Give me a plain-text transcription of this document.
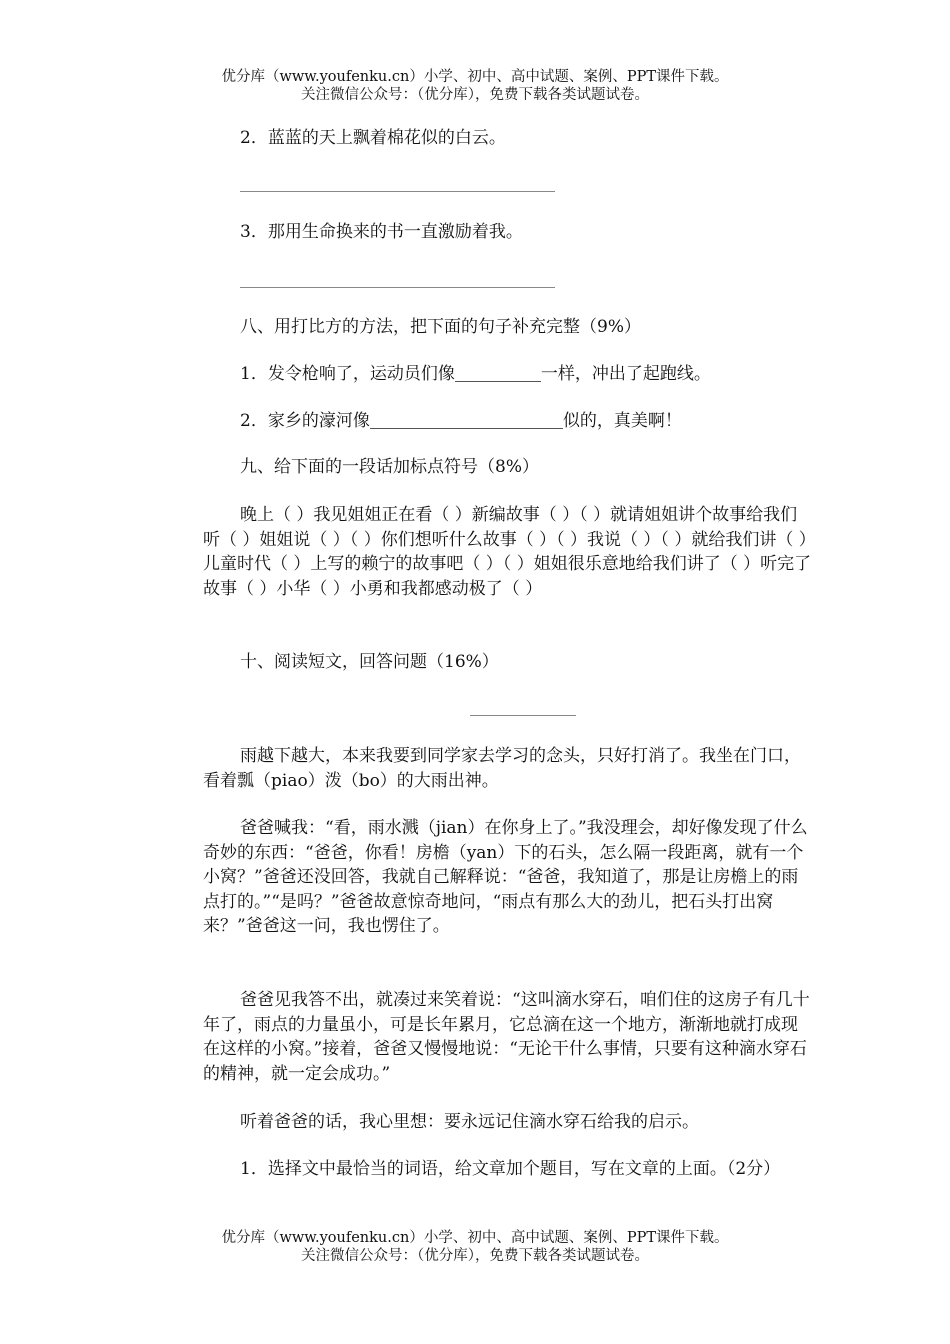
优分库（www.youfenku.cn）小学、初中、高中试题、案例、PPT课件下载。
关注微信公众号：（优分库），免费下载各类试题试卷。
2．蓝蓝的天上飘着棉花似的白云。
3．那用生命换来的书一直激励着我。
八、用打比方的方法，把下面的句子补充完整（9%）
1．发令枪响了，运动员们像	一样，冲出了起跑线。
2．家乡的濠河像	似的，真美啊！
九、给下面的一段话加标点符号（8%）

晚上（ ）我见姐姐正在看（ ）新编故事（ ）（ ）就请姐姐讲个故事给我们听（ ）姐姐说（ ）（ ）你们想听什么故事（ ）（ ）我说（ ）（ ）就给我们讲（ ）儿童时代（ ）上写的赖宁的故事吧（ ）（ ）姐姐很乐意地给我们讲了（ ）听完了故事（ ）小华（ ）小勇和我都感动极了（ ）

十、阅读短文，回答问题（16%）

雨越下越大，本来我要到同学家去学习的念头，只好打消了。我坐在门口，看着瓢（piao）泼（bo）的大雨出神。

爸爸喊我：“看，雨水溅（jian）在你身上了。”我没理会，却好像发现了什么奇妙的东西：“爸爸，你看！房檐（yan）下的石头，怎么隔一段距离，就有一个小窝？”爸爸还没回答，我就自己解释说：“爸爸，我知道了，那是让房檐上的雨点打的。”“是吗？”爸爸故意惊奇地问，“雨点有那么大的劲儿，把石头打出窝来？”爸爸这一问，我也愣住了。

爸爸见我答不出，就凑过来笑着说：“这叫滴水穿石，咱们住的这房子有几十年了，雨点的力量虽小，可是长年累月，它总滴在这一个地方，渐渐地就打成现在这样的小窝。”接着，爸爸又慢慢地说：“无论干什么事情，只要有这种滴水穿石的精神，就一定会成功。”

听着爸爸的话，我心里想：要永远记住滴水穿石给我的启示。

1．选择文中最恰当的词语，给文章加个题目，写在文章的上面。（2分）

优分库（www.youfenku.cn）小学、初中、高中试题、案例、PPT课件下载。
关注微信公众号：（优分库），免费下载各类试题试卷。
